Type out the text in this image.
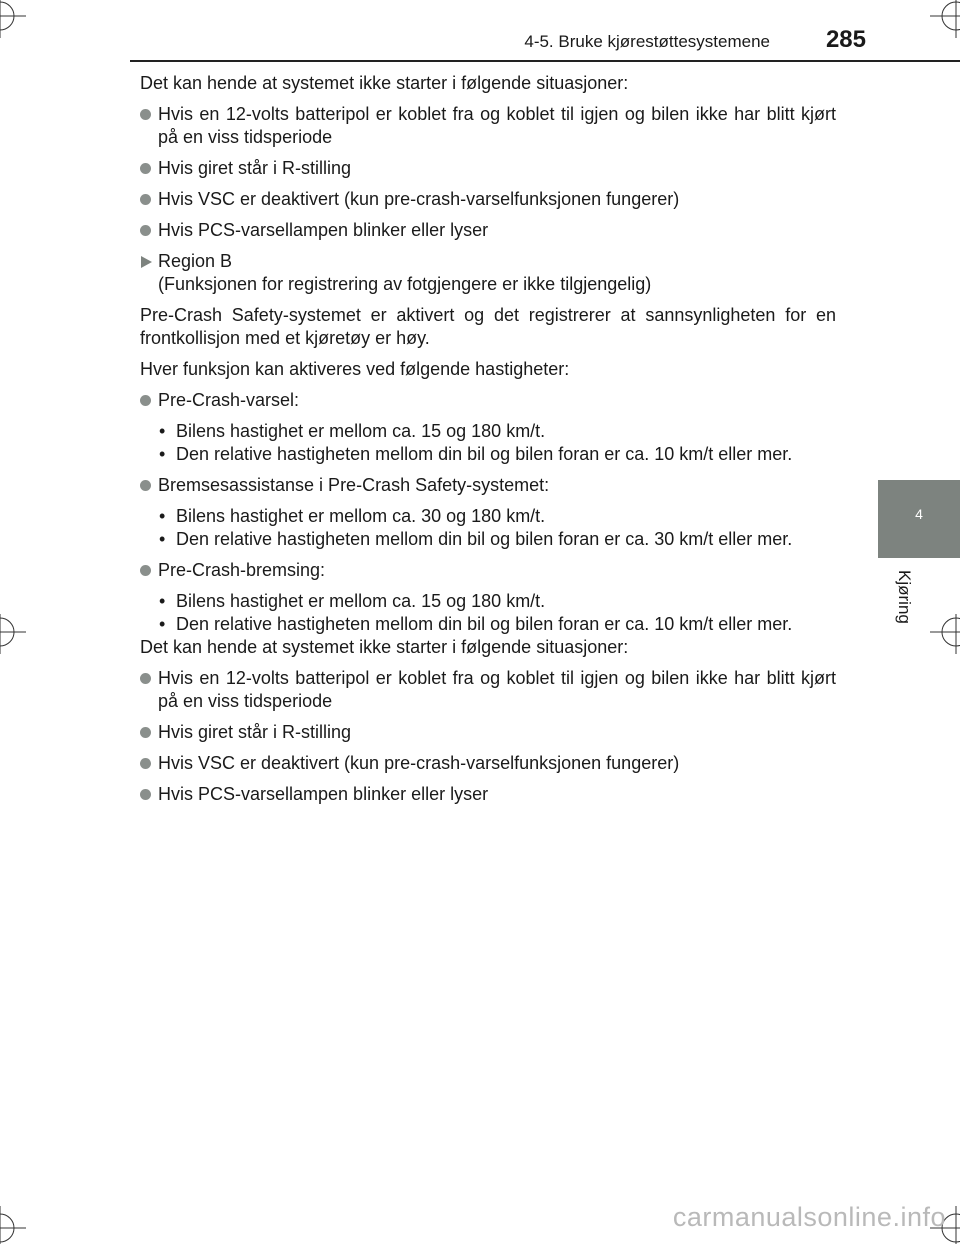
4-5. Bruke kjørestøttesystemene 285
4
Kjøring

Det kan hende at systemet ikke starter i følgende situasjoner:

Hvis en 12-volts batteripol er koblet fra og koblet til igjen og bilen ikke har blitt kjørt på en viss tidsperiode
Hvis giret står i R-stilling
Hvis VSC er deaktivert (kun pre-crash-varselfunksjonen fungerer)
Hvis PCS-varsellampen blinker eller lyser
Region B
(Funksjonen for registrering av fotgjengere er ikke tilgjengelig)

Pre-Crash Safety-systemet er aktivert og det registrerer at sannsynligheten for en frontkollisjon med et kjøretøy er høy.

Hver funksjon kan aktiveres ved følgende hastigheter:

Pre-Crash-varsel:
• Bilens hastighet er mellom ca. 15 og 180 km/t.
• Den relative hastigheten mellom din bil og bilen foran er ca. 10 km/t eller mer.
Bremsesassistanse i Pre-Crash Safety-systemet:
• Bilens hastighet er mellom ca. 30 og 180 km/t.
• Den relative hastigheten mellom din bil og bilen foran er ca. 30 km/t eller mer.
Pre-Crash-bremsing:
• Bilens hastighet er mellom ca. 15 og 180 km/t.
• Den relative hastigheten mellom din bil og bilen foran er ca. 10 km/t eller mer.

Det kan hende at systemet ikke starter i følgende situasjoner:

Hvis en 12-volts batteripol er koblet fra og koblet til igjen og bilen ikke har blitt kjørt på en viss tidsperiode
Hvis giret står i R-stilling
Hvis VSC er deaktivert (kun pre-crash-varselfunksjonen fungerer)
Hvis PCS-varsellampen blinker eller lyser
carmanualsonline.info
